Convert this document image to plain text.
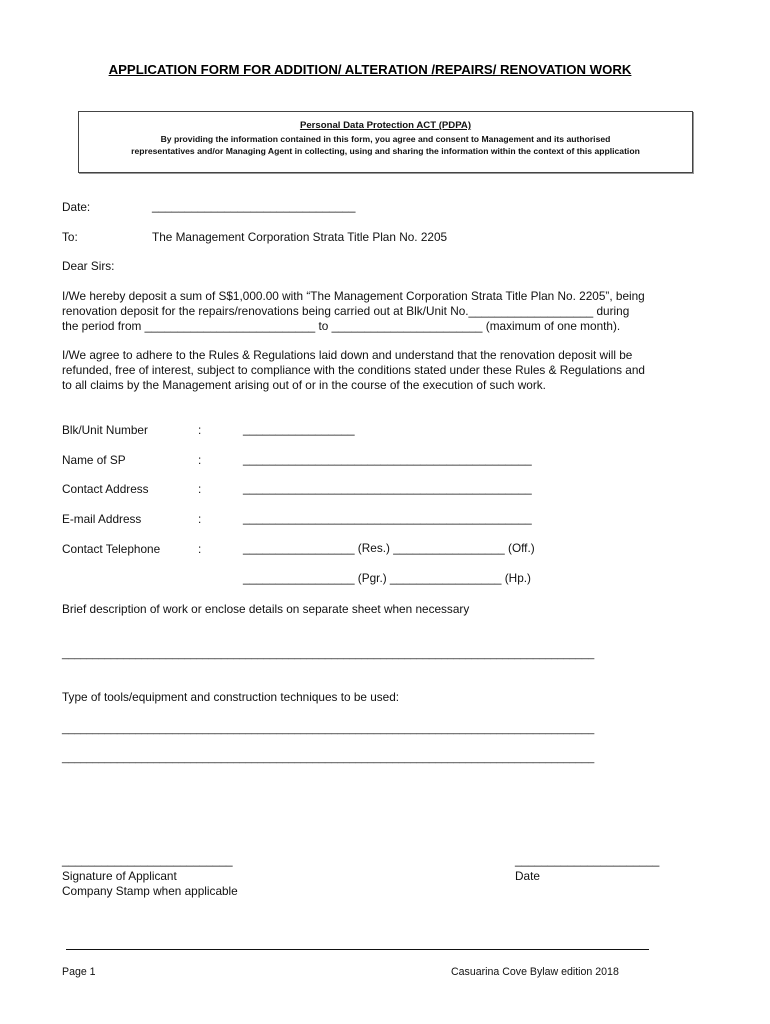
APPLICATION FORM FOR ADDITION/ ALTERATION /REPAIRS/ RENOVATION WORK
Personal Data Protection ACT (PDPA)
By providing the information contained in this form, you agree and consent to Management and its authorised
representatives and/or Managing Agent in collecting, using and sharing the information within the context of this application
Date:	_______________________________
To:	The Management Corporation Strata Title Plan No. 2205
Dear Sirs:
I/We hereby deposit a sum of S$1,000.00 with “The Management Corporation Strata Title Plan No. 2205”, being
renovation deposit for the repairs/renovations being carried out at Blk/Unit No.___________________ during
the period from __________________________ to _______________________ (maximum of one month).
I/We agree to adhere to the Rules & Regulations laid down and understand that the renovation deposit will be
refunded, free of interest, subject to compliance with the conditions stated under these Rules & Regulations and
to all claims by the Management arising out of or in the course of the execution of such work.
Blk/Unit Number	:	_________________
Name of SP	:	____________________________________________
Contact Address	:	____________________________________________
E-mail Address	:	____________________________________________
Contact Telephone	:	_________________ (Res.) _________________ (Off.)
_________________ (Pgr.) _________________ (Hp.)
Brief description of work or enclose details on separate sheet when necessary
_______________________________________________________________________________________
Type of tools/equipment and construction techniques to be used:
_______________________________________________________________________________________
_______________________________________________________________________________________
__________________________
Signature of Applicant
Company Stamp when applicable
______________________
Date
Page 1	Casuarina Cove Bylaw edition 2018
